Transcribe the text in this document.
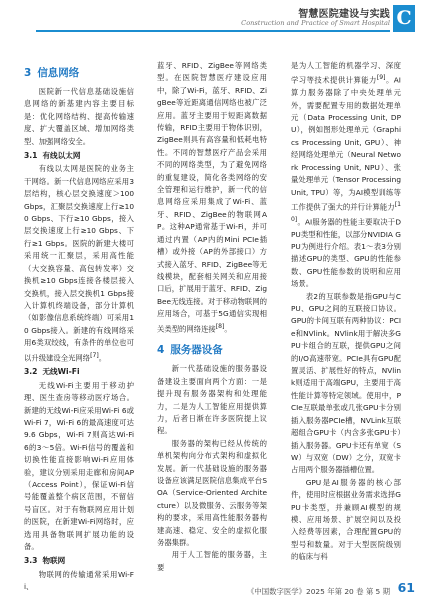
智慧医院建设与实践
Construction and Practice of Smart Hospital C
3 信息网络

医院新一代信息基础设施信息网络的新基建内容主要目标是：优化网络结构、提高传输速度、扩大覆盖区域、增加网络类型、加强网络安全。

3.1 有线以太网

有线以太网是医院的业务主干网络。新一代信息网络应采用3层结构，核心层交换速度＞100 Gbps，汇聚层交换速度上行≥100 Gbps、下行≥10 Gbps，接入层交换速度上行≥10 Gbps、下行≥1 Gbps。医院的新建大楼可采用统一汇聚层，采用高性能（大交换容量、高包转发率）交换机≥10 Gbps连接各楼层接入交换机，接入层交换机1 Gbps接入计算机终端设备，部分计算机（如影像信息系统终端）可采用10 Gbps接入。新建的有线网络采用6类双绞线，有条件的单位也可以升级建设全光网络[7]。

3.2 无线Wi-Fi

无线Wi-Fi主要用于移动护理、医生查房等移动医疗场合。新建的无线Wi-Fi应采用Wi-Fi 6或Wi-Fi 7，Wi-Fi 6的最高速度可达9.6 Gbps，Wi-Fi 7则高达Wi-Fi 6的3～5倍。Wi-Fi信号的覆盖和切换性能直接影响Wi-Fi应用体验，建议分别采用走廊和房间AP（Access Point），保证Wi-Fi信号能覆盖整个病区范围，不留信号盲区。对于有物联网应用计划的医院，在新建Wi-Fi网络时，应选用具备物联网扩展功能的设备。

3.3 物联网

物联网的传输通常采用Wi-Fi、

蓝牙、RFID、ZigBee等网络类型。在医院智慧医疗建设应用中，除了Wi-Fi，蓝牙、RFID、ZigBee等近距离通信网络也被广泛应用。蓝牙主要用于短距离数据传输，RFID主要用于物体识别，ZigBee则具有高容量和低耗电特性。不同的智慧医疗产品会采用不同的网络类型，为了避免网络的重复建设，简化各类网络的安全管理和运行维护，新一代的信息网络应采用集成了Wi-Fi、蓝牙、RFID、ZigBee的物联网AP。这种AP通常基于Wi-Fi，并可通过内置（AP内的Mini PCIe插槽）或外接（AP的外部接口）方式接入蓝牙、RFID、ZigBee等无线模块，配套相关网关和应用接口后，扩展用于蓝牙、RFID、ZigBee无线连接。对于移动物联网的应用场合，可基于5G通信实现相关类型的网络连接[8]。

4 服务器设备

新一代基础设施的服务器设备建设主要面向两个方面：一是提升现有服务器架构和处理能力，二是为人工智能应用提供算力，后者日渐在许多医院提上议程。

服务器的架构已经从传统的单机架构向分布式架构和虚拟化发展。新一代基础设施的服务器设备应该满足医院信息集成平台SOA（Service-Oriented Architecture）以及微服务、云服务等架构的要求，采用高性能服务器构建高速、稳定、安全的虚拟化服务器集群。

用于人工智能的服务器，主要

是为人工智能的机器学习、深度学习等技术提供计算能力[9]。AI算力服务器除了中央处理单元外，需要配置专用的数据处理单元（Data Processing Unit, DPU），例如图形处理单元（Graphics Processing Unit, GPU）、神经网络处理单元（Neural Network Processing Unit, NPU）、张量处理单元（Tensor Processing Unit, TPU）等，为AI模型训练等工作提供了强大的并行计算能力[10]。AI服务器的性能主要取决于DPU类型和性能，以部分NVIDIA GPU为例进行介绍。表1～表3分别描述GPU的类型、GPU的性能参数、GPU性能参数的说明和应用场景。

表2的互联参数是指GPU与CPU、GPU之间的互联接口协议。GPU的卡间互联有两种协议：PCIe和NVlink。NVlink用于解决多GPU卡组合的互联，提供GPU之间的I/O高速带宽。PCIe具有GPU配置灵活、扩展性好的特点，NVlink则适用于高端GPU，主要用于高性能计算等特定领域。使用中，PCIe互联最单张或几张GPU卡分别插入服务器PCIe槽，NVLink互联超组合GPU卡（内含多张GPU卡）插入服务器。GPU卡还有单宽（SW）与双宽（DW）之分，双宽卡占用两个服务器插槽位置。

GPU是AI服务器的核心部件，使用时应根据业务需求选择GPU卡类型，并兼顾AI模型的规模、应用场景、扩展空间以及投入经费等因素，合理配置GPU的型号和数量。对于大型医院级别的临床与科

《中国数字医学》2025 年第 20 卷 第 5 期 61
